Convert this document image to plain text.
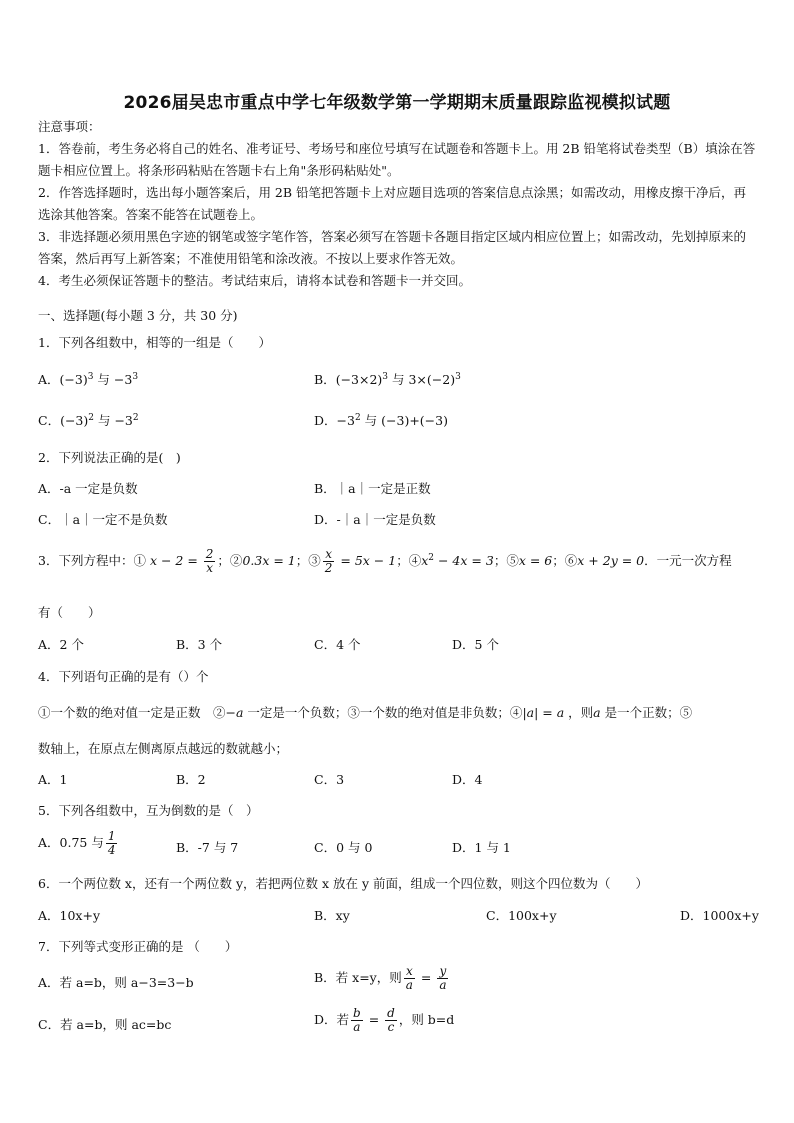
2026届吴忠市重点中学七年级数学第一学期期末质量跟踪监视模拟试题

注意事项：

1．答卷前，考生务必将自己的姓名、准考证号、考场号和座位号填写在试题卷和答题卡上。用 2B 铅笔将试卷类型（B）填涂在答题卡相应位置上。将条形码粘贴在答题卡右上角"条形码粘贴处"。

2．作答选择题时，选出每小题答案后，用 2B 铅笔把答题卡上对应题目选项的答案信息点涂黑；如需改动，用橡皮擦干净后，再选涂其他答案。答案不能答在试题卷上。

3．非选择题必须用黑色字迹的钢笔或签字笔作答，答案必须写在答题卡各题目指定区域内相应位置上；如需改动，先划掉原来的答案，然后再写上新答案；不准使用铅笔和涂改液。不按以上要求作答无效。

4．考生必须保证答题卡的整洁。考试结束后，请将本试卷和答题卡一并交回。

一、选择题(每小题 3 分，共 30 分)
1．下列各组数中，相等的一组是（　　）
A．$(-3)^3$ 与 $-3^3$	B．$(-3\times 2)^3$ 与 $3\times(-2)^3$
C．$(-3)^2$ 与 $-3^2$	D．$-3^2$ 与 (−3)+(−3)
2．下列说法正确的是(　)
A．-a 一定是负数	B．｜a｜一定是正数
C．｜a｜一定不是负数	D．-｜a｜一定是负数
3．下列方程中：① $x - 2 = \frac{2}{x}$ ；②0.3x = 1；③ $\frac{x}{2} = 5x - 1$；$④x^2 - 4x = 3$；⑤x = 6；⑥x + 2y = 0．一元一次方程
有（　　）
A．2 个	B．3 个	C．4 个	D．5 个
4．下列语句正确的是有（）个
①一个数的绝对值一定是正数　②−a 一定是一个负数；③一个数的绝对值是非负数；④|a| = a ，则a 是一个正数；⑤
数轴上，在原点左侧离原点越远的数就越小；
A．1	B．2	C．3	D．4
5．下列各组数中，互为倒数的是（　）
A．0.75 与 $\frac{1}{4}$	B．-7 与 7	C．0 与 0	D．1 与 1
6．一个两位数 x，还有一个两位数 y，若把两位数 x 放在 y 前面，组成一个四位数，则这个四位数为（　　）
A．10x+y	B．xy	C．100x+y	D．1000x+y
7．下列等式变形正确的是 （　　）
A．若 a=b，则 a−3=3−b	B．若 x=y，则 $\frac{x}{a} = \frac{y}{a}$
C．若 a=b，则 ac=bc	D．若 $\frac{b}{a} = \frac{d}{c}$ ，则 b=d
